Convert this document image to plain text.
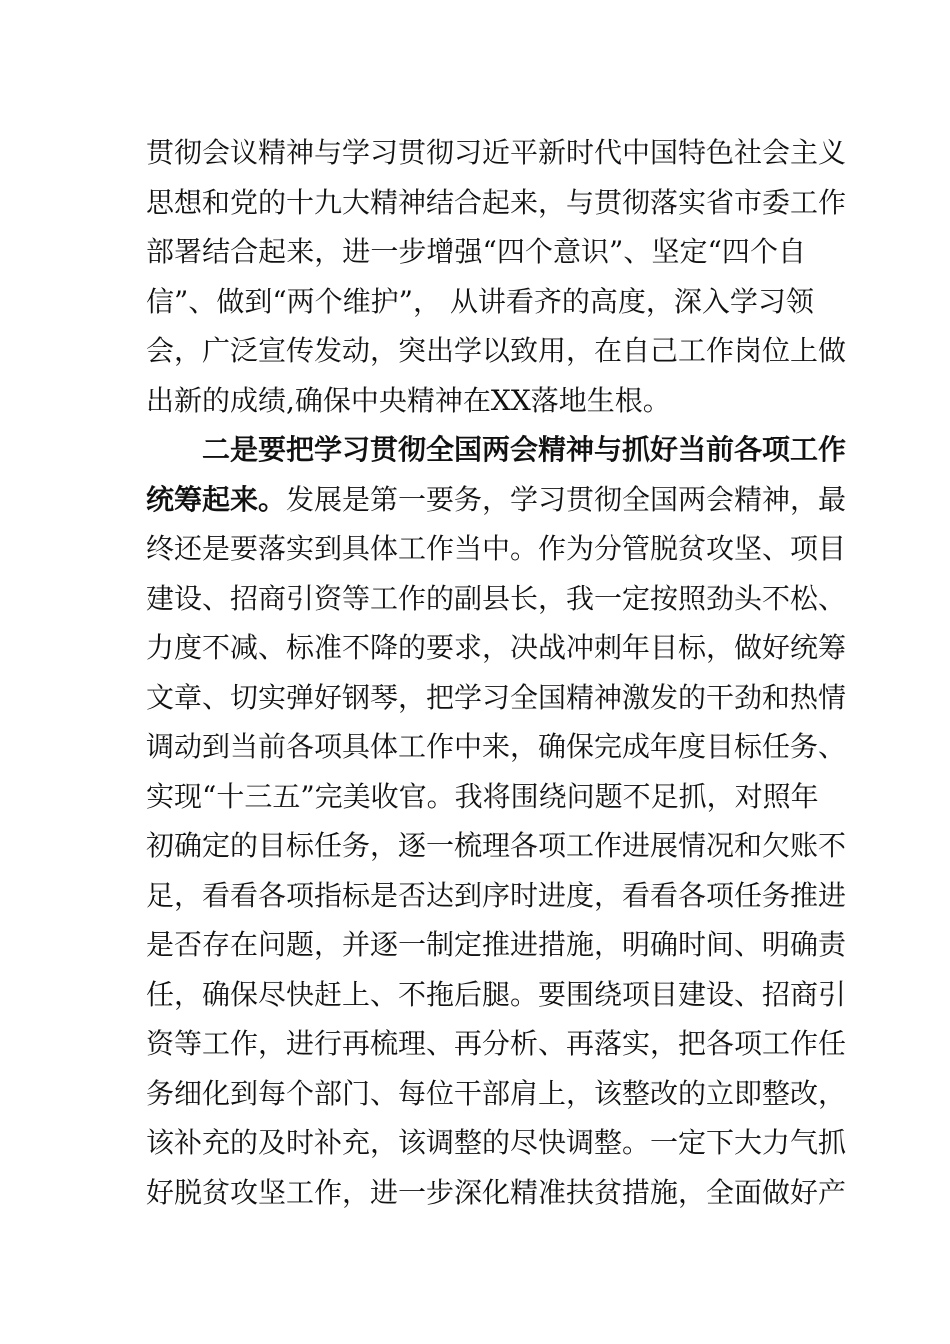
贯彻会议精神与学习贯彻习近平新时代中国特色社会主义
思想和党的十九大精神结合起来，与贯彻落实省市委工作
部署结合起来，进一步增强“四个意识”、坚定“四个自
信”、做到“两个维护”， 从讲看齐的高度，深入学习领
会，广泛宣传发动，突出学以致用，在自己工作岗位上做
出新的成绩,确保中央精神在XX落地生根。
二是要把学习贯彻全国两会精神与抓好当前各项工作
统筹起来。发展是第一要务，学习贯彻全国两会精神，最
终还是要落实到具体工作当中。作为分管脱贫攻坚、项目
建设、招商引资等工作的副县长，我一定按照劲头不松、
力度不减、标准不降的要求，决战冲刺年目标，做好统筹
文章、切实弹好钢琴，把学习全国精神激发的干劲和热情
调动到当前各项具体工作中来，确保完成年度目标任务、
实现“十三五”完美收官。我将围绕问题不足抓，对照年
初确定的目标任务，逐一梳理各项工作进展情况和欠账不
足，看看各项指标是否达到序时进度，看看各项任务推进
是否存在问题，并逐一制定推进措施，明确时间、明确责
任，确保尽快赶上、不拖后腿。要围绕项目建设、招商引
资等工作，进行再梳理、再分析、再落实，把各项工作任
务细化到每个部门、每位干部肩上，该整改的立即整改，
该补充的及时补充，该调整的尽快调整。一定下大力气抓
好脱贫攻坚工作，进一步深化精准扶贫措施，全面做好产
